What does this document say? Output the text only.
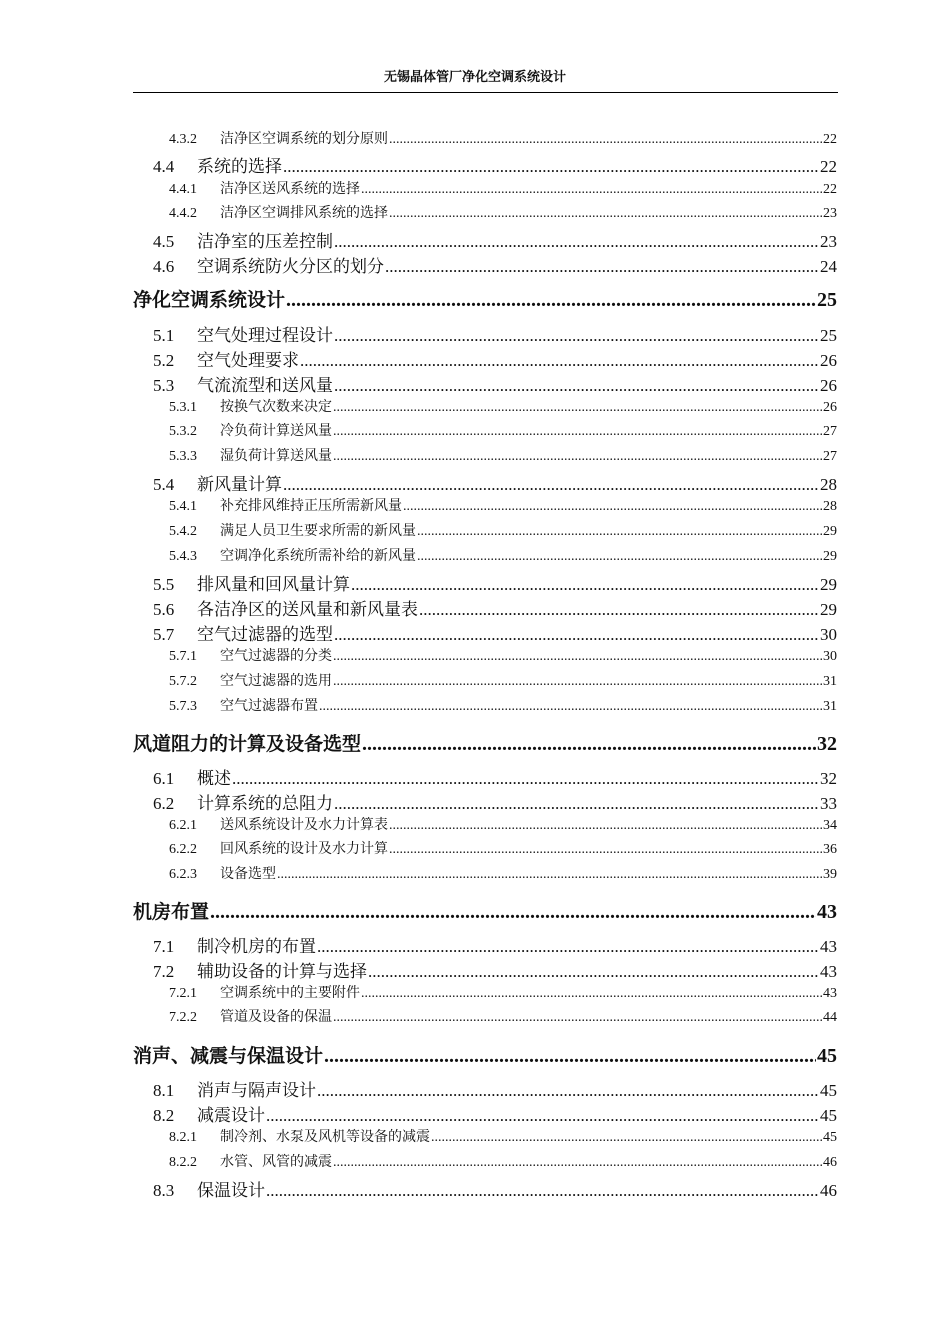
无锡晶体管厂净化空调系统设计
4.3.2	洁净区空调系统的划分原则 .....	22
4.4	系统的选择 .....	22
4.4.1	洁净区送风系统的选择 .....	22
4.4.2	洁净区空调排风系统的选择 .....	23
4.5	洁净室的压差控制 .....	23
4.6	空调系统防火分区的划分 .....	24
净化空调系统设计 .....	25
5.1	空气处理过程设计 .....	25
5.2	空气处理要求 .....	26
5.3	气流流型和送风量 .....	26
5.3.1	按换气次数来决定 .....	26
5.3.2	冷负荷计算送风量 .....	27
5.3.3	湿负荷计算送风量 .....	27
5.4	新风量计算 .....	28
5.4.1	补充排风维持正压所需新风量 .....	28
5.4.2	满足人员卫生要求所需的新风量 .....	29
5.4.3	空调净化系统所需补给的新风量 .....	29
5.5	排风量和回风量计算 .....	29
5.6	各洁净区的送风量和新风量表 .....	29
5.7	空气过滤器的选型 .....	30
5.7.1	空气过滤器的分类 .....	30
5.7.2	空气过滤器的选用 .....	31
5.7.3	空气过滤器布置 .....	31
风道阻力的计算及设备选型 .....	32
6.1	概述 .....	32
6.2	计算系统的总阻力 .....	33
6.2.1	送风系统设计及水力计算表 .....	34
6.2.2	回风系统的设计及水力计算 .....	36
6.2.3	设备选型 .....	39
机房布置 .....	43
7.1	制冷机房的布置 .....	43
7.2	辅助设备的计算与选择 .....	43
7.2.1	空调系统中的主要附件 .....	43
7.2.2	管道及设备的保温 .....	44
消声、减震与保温设计 .....	45
8.1	消声与隔声设计 .....	45
8.2	减震设计 .....	45
8.2.1	制冷剂、水泵及风机等设备的减震 .....	45
8.2.2	水管、风管的减震 .....	46
8.3	保温设计 .....	46
